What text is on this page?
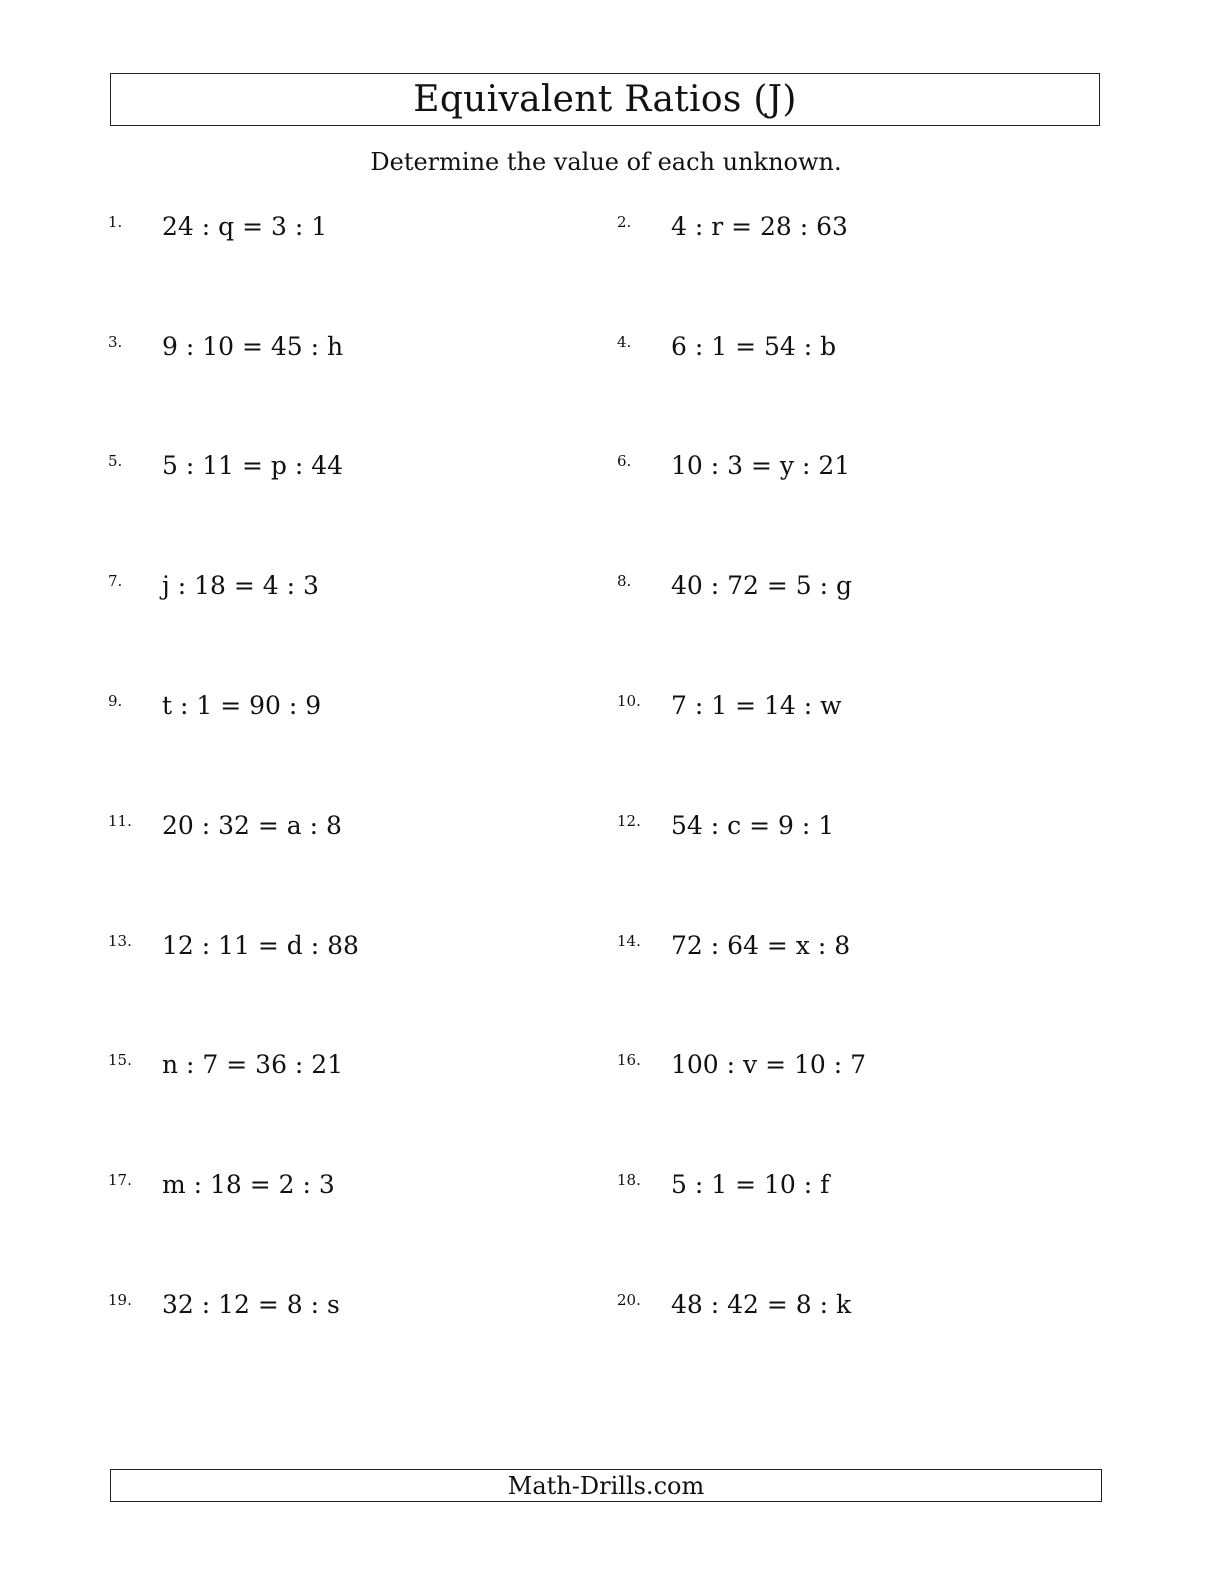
Equivalent Ratios (J)
Determine the value of each unknown.
1.	24 : q = 3 : 1	2.	4 : r = 28 : 63
3.	9 : 10 = 45 : h	4.	6 : 1 = 54 : b
5.	5 : 11 = p : 44	6.	10 : 3 = y : 21
7.	j : 18 = 4 : 3	8.	40 : 72 = 5 : g
9.	t : 1 = 90 : 9	10.	7 : 1 = 14 : w
11.	20 : 32 = a : 8	12.	54 : c = 9 : 1
13.	12 : 11 = d : 88	14.	72 : 64 = x : 8
15.	n : 7 = 36 : 21	16.	100 : v = 10 : 7
17.	m : 18 = 2 : 3	18.	5 : 1 = 10 : f
19.	32 : 12 = 8 : s	20.	48 : 42 = 8 : k
Math-Drills.com
